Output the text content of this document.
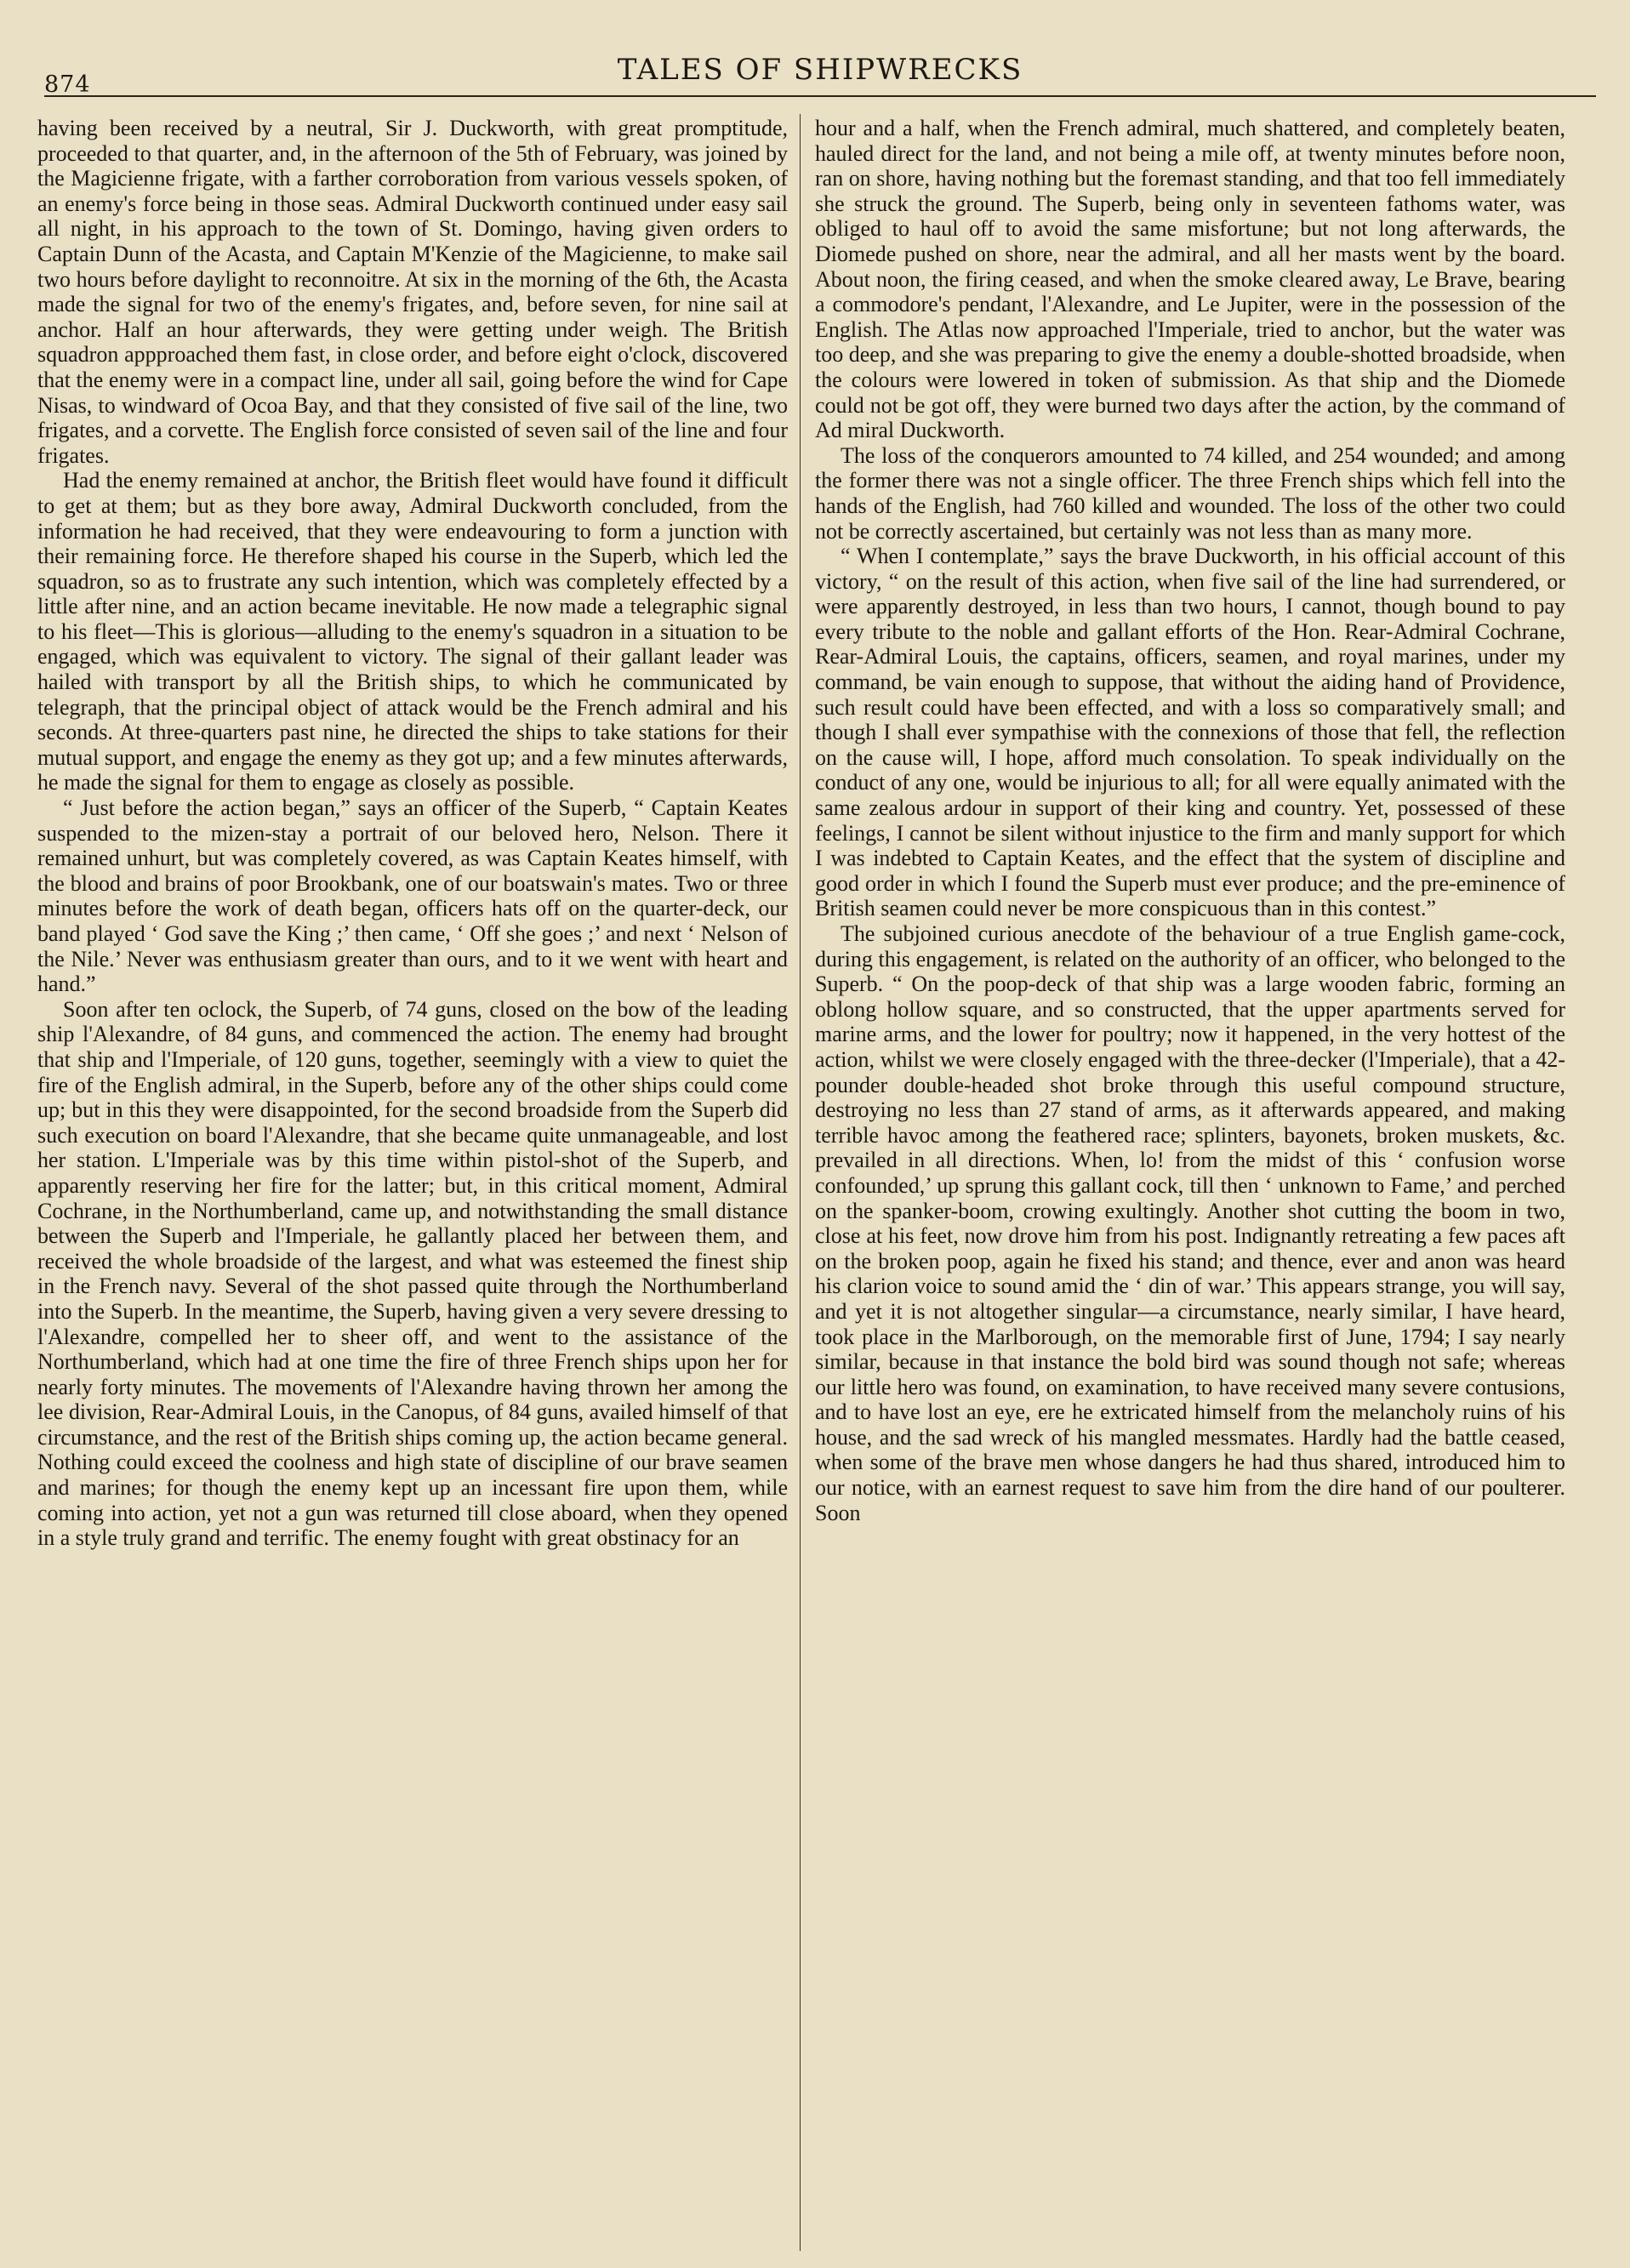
874	TALES OF SHIPWRECKS

having been received by a neutral, Sir J. Duckworth, with great promptitude, proceeded to that quarter, and, in the afternoon of the 5th of February, was joined by the Magicienne frigate, with a farther corroboration from various vessels spoken, of an enemy's force being in those seas. Admiral Duckworth continued under easy sail all night, in his approach to the town of St. Domingo, having given orders to Captain Dunn of the Acasta, and Captain M'Kenzie of the Magicienne, to make sail two hours before daylight to reconnoitre. At six in the morning of the 6th, the Acasta made the signal for two of the enemy's frigates, and, before seven, for nine sail at anchor. Half an hour afterwards, they were getting under weigh. The British squadron appproached them fast, in close order, and before eight o'clock, discovered that the enemy were in a compact line, under all sail, going before the wind for Cape Nisas, to windward of Ocoa Bay, and that they consisted of five sail of the line, two frigates, and a corvette. The English force consisted of seven sail of the line and four frigates.

Had the enemy remained at anchor, the British fleet would have found it difficult to get at them; but as they bore away, Admiral Duckworth concluded, from the information he had received, that they were endeavouring to form a junction with their remaining force. He therefore shaped his course in the Superb, which led the squadron, so as to frustrate any such intention, which was completely effected by a little after nine, and an action became inevitable. He now made a telegraphic signal to his fleet—This is glorious—alluding to the enemy's squadron in a situation to be engaged, which was equivalent to victory. The signal of their gallant leader was hailed with transport by all the British ships, to which he communicated by telegraph, that the principal object of attack would be the French admiral and his seconds. At three-quarters past nine, he directed the ships to take stations for their mutual support, and engage the enemy as they got up; and a few minutes afterwards, he made the signal for them to engage as closely as possible.

“ Just before the action began,” says an officer of the Superb, “ Captain Keates suspended to the mizen-stay a portrait of our beloved hero, Nelson. There it remained unhurt, but was completely covered, as was Captain Keates himself, with the blood and brains of poor Brookbank, one of our boatswain's mates. Two or three minutes before the work of death began, officers hats off on the quarter-deck, our band played ‘ God save the King ;’ then came, ‘ Off she goes ;’ and next ‘ Nelson of the Nile.’ Never was enthusiasm greater than ours, and to it we went with heart and hand.”

Soon after ten oclock, the Superb, of 74 guns, closed on the bow of the leading ship l'Alexandre, of 84 guns, and commenced the action. The enemy had brought that ship and l'Imperiale, of 120 guns, together, seemingly with a view to quiet the fire of the English admiral, in the Superb, before any of the other ships could come up; but in this they were disappointed, for the second broadside from the Superb did such execution on board l'Alexandre, that she became quite unmanageable, and lost her station. L'Imperiale was by this time within pistol-shot of the Superb, and apparently reserving her fire for the latter; but, in this critical moment, Admiral Cochrane, in the Northumberland, came up, and notwithstanding the small distance between the Superb and l'Imperiale, he gallantly placed her between them, and received the whole broadside of the largest, and what was esteemed the finest ship in the French navy. Several of the shot passed quite through the Northumberland into the Superb. In the meantime, the Superb, having given a very severe dressing to l'Alexandre, compelled her to sheer off, and went to the assistance of the Northumberland, which had at one time the fire of three French ships upon her for nearly forty minutes. The movements of l'Alexandre having thrown her among the lee division, Rear-Admiral Louis, in the Canopus, of 84 guns, availed himself of that circumstance, and the rest of the British ships coming up, the action became general. Nothing could exceed the coolness and high state of discipline of our brave seamen and marines; for though the enemy kept up an incessant fire upon them, while coming into action, yet not a gun was returned till close aboard, when they opened in a style truly grand and terrific. The enemy fought with great obstinacy for an

hour and a half, when the French admiral, much shattered, and completely beaten, hauled direct for the land, and not being a mile off, at twenty minutes before noon, ran on shore, having nothing but the foremast standing, and that too fell immediately she struck the ground. The Superb, being only in seventeen fathoms water, was obliged to haul off to avoid the same misfortune; but not long afterwards, the Diomede pushed on shore, near the admiral, and all her masts went by the board. About noon, the firing ceased, and when the smoke cleared away, Le Brave, bearing a commodore's pendant, l'Alexandre, and Le Jupiter, were in the possession of the English. The Atlas now approached l'Imperiale, tried to anchor, but the water was too deep, and she was preparing to give the enemy a double-shotted broadside, when the colours were lowered in token of submission. As that ship and the Diomede could not be got off, they were burned two days after the action, by the command of Ad miral Duckworth.

The loss of the conquerors amounted to 74 killed, and 254 wounded; and among the former there was not a single officer. The three French ships which fell into the hands of the English, had 760 killed and wounded. The loss of the other two could not be correctly ascertained, but certainly was not less than as many more.

“ When I contemplate,” says the brave Duckworth, in his official account of this victory, “ on the result of this action, when five sail of the line had surrendered, or were apparently destroyed, in less than two hours, I cannot, though bound to pay every tribute to the noble and gallant efforts of the Hon. Rear-Admiral Cochrane, Rear-Admiral Louis, the captains, officers, seamen, and royal marines, under my command, be vain enough to suppose, that without the aiding hand of Providence, such result could have been effected, and with a loss so comparatively small; and though I shall ever sympathise with the connexions of those that fell, the reflection on the cause will, I hope, afford much consolation. To speak individually on the conduct of any one, would be injurious to all; for all were equally animated with the same zealous ardour in support of their king and country. Yet, possessed of these feelings, I cannot be silent without injustice to the firm and manly support for which I was indebted to Captain Keates, and the effect that the system of discipline and good order in which I found the Superb must ever produce; and the pre-eminence of British seamen could never be more conspicuous than in this contest.”

The subjoined curious anecdote of the behaviour of a true English game-cock, during this engagement, is related on the authority of an officer, who belonged to the Superb. “ On the poop-deck of that ship was a large wooden fabric, forming an oblong hollow square, and so constructed, that the upper apartments served for marine arms, and the lower for poultry; now it happened, in the very hottest of the action, whilst we were closely engaged with the three-decker (l'Imperiale), that a 42-pounder double-headed shot broke through this useful compound structure, destroying no less than 27 stand of arms, as it afterwards appeared, and making terrible havoc among the feathered race; splinters, bayonets, broken muskets, &c. prevailed in all directions. When, lo! from the midst of this ‘ confusion worse confounded,’ up sprung this gallant cock, till then ‘ unknown to Fame,’ and perched on the spanker-boom, crowing exultingly. Another shot cutting the boom in two, close at his feet, now drove him from his post. Indignantly retreating a few paces aft on the broken poop, again he fixed his stand; and thence, ever and anon was heard his clarion voice to sound amid the ‘ din of war.’ This appears strange, you will say, and yet it is not altogether singular—a circumstance, nearly similar, I have heard, took place in the Marlborough, on the memorable first of June, 1794; I say nearly similar, because in that instance the bold bird was sound though not safe; whereas our little hero was found, on examination, to have received many severe contusions, and to have lost an eye, ere he extricated himself from the melancholy ruins of his house, and the sad wreck of his mangled messmates. Hardly had the battle ceased, when some of the brave men whose dangers he had thus shared, introduced him to our notice, with an earnest request to save him from the dire hand of our poulterer. Soon
